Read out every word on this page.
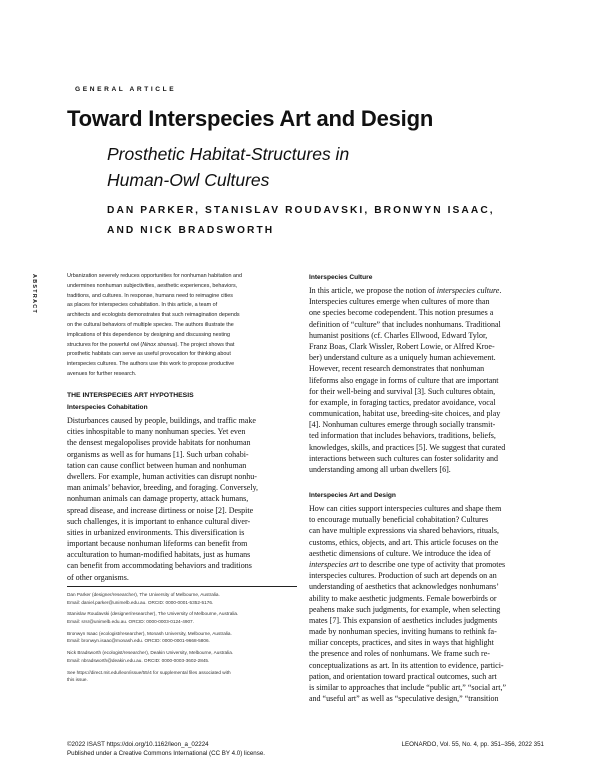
GENERAL ARTICLE
Toward Interspecies Art and Design
Prosthetic Habitat-Structures in
Human-Owl Cultures
DAN PARKER, STANISLAV ROUDAVSKI, BRONWYN ISAAC,
AND NICK BRADSWORTH
ABSTRACT	Urbanization severely reduces opportunities for nonhuman habitation and
undermines nonhuman subjectivities, aesthetic experiences, behaviors,
traditions, and cultures. In response, humans need to reimagine cities
as places for interspecies cohabitation. In this article, a team of
architects and ecologists demonstrates that such reimagination depends
on the cultural behaviors of multiple species. The authors illustrate the
implications of this dependence by designing and discussing nesting
structures for the powerful owl (Ninox strenua). The project shows that
prosthetic habitats can serve as useful provocation for thinking about
interspecies cultures. The authors use this work to propose productive
avenues for further research.
THE INTERSPECIES ART HYPOTHESIS
Interspecies Cohabitation
Disturbances caused by people, buildings, and traffic make
cities inhospitable to many nonhuman species. Yet even
the densest megalopolises provide habitats for nonhuman
organisms as well as for humans [1]. Such urban cohabi-
tation can cause conflict between human and nonhuman
dwellers. For example, human activities can disrupt nonhu-
man animals’ behavior, breeding, and foraging. Conversely,
nonhuman animals can damage property, attack humans,
spread disease, and increase dirtiness or noise [2]. Despite
such challenges, it is important to enhance cultural diver-
sities in urbanized environments. This diversification is
important because nonhuman lifeforms can benefit from
acculturation to human-modified habitats, just as humans
can benefit from accommodating behaviors and traditions
of other organisms.
Dan Parker (designer/researcher), The University of Melbourne, Australia.
Email: daniel.parker@unimelb.edu.au. ORCID: 0000-0001-5352-5176.
Stanislav Roudavski (designer/researcher), The University of Melbourne, Australia.
Email: srsr@unimelb.edu.au. ORCID: 0000-0003-0124-4907.
Bronwyn Isaac (ecologist/researcher), Monash University, Melbourne, Australia.
Email: bronwyn.isaac@monash.edu. ORCID: 0000-0001-9668-5806.
Nick Bradsworth (ecologist/researcher), Deakin University, Melbourne, Australia.
Email: nbradsworth@deakin.edu.au. ORCID: 0000-0003-3602-2845.
See https://direct.mit.edu/leon/issue/55/4 for supplemental files associated with
this issue.
Interspecies Culture
In this article, we propose the notion of interspecies culture.
Interspecies cultures emerge when cultures of more than
one species become codependent. This notion presumes a
definition of “culture” that includes nonhumans. Traditional
humanist positions (cf. Charles Ellwood, Edward Tylor,
Franz Boas, Clark Wissler, Robert Lowie, or Alfred Kroe-
ber) understand culture as a uniquely human achievement.
However, recent research demonstrates that nonhuman
lifeforms also engage in forms of culture that are important
for their well-being and survival [3]. Such cultures obtain,
for example, in foraging tactics, predator avoidance, vocal
communication, habitat use, breeding-site choices, and play
[4]. Nonhuman cultures emerge through socially transmit-
ted information that includes behaviors, traditions, beliefs,
knowledges, skills, and practices [5]. We suggest that curated
interactions between such cultures can foster solidarity and
understanding among all urban dwellers [6].
Interspecies Art and Design
How can cities support interspecies cultures and shape them
to encourage mutually beneficial cohabitation? Cultures
can have multiple expressions via shared behaviors, rituals,
customs, ethics, objects, and art. This article focuses on the
aesthetic dimensions of culture. We introduce the idea of
interspecies art to describe one type of activity that promotes
interspecies cultures. Production of such art depends on an
understanding of aesthetics that acknowledges nonhumans’
ability to make aesthetic judgments. Female bowerbirds or
peahens make such judgments, for example, when selecting
mates [7]. This expansion of aesthetics includes judgments
made by nonhuman species, inviting humans to rethink fa-
miliar concepts, practices, and sites in ways that highlight
the presence and roles of nonhumans. We frame such re-
conceptualizations as art. In its attention to evidence, partici-
pation, and orientation toward practical outcomes, such art
is similar to approaches that include “public art,” “social art,”
and “useful art” as well as “speculative design,” “transition
©2022 ISAST https://doi.org/10.1162/leon_a_02224
Published under a Creative Commons International (CC BY 4.0) license.
LEONARDO, Vol. 55, No. 4, pp. 351–356, 2022 351
